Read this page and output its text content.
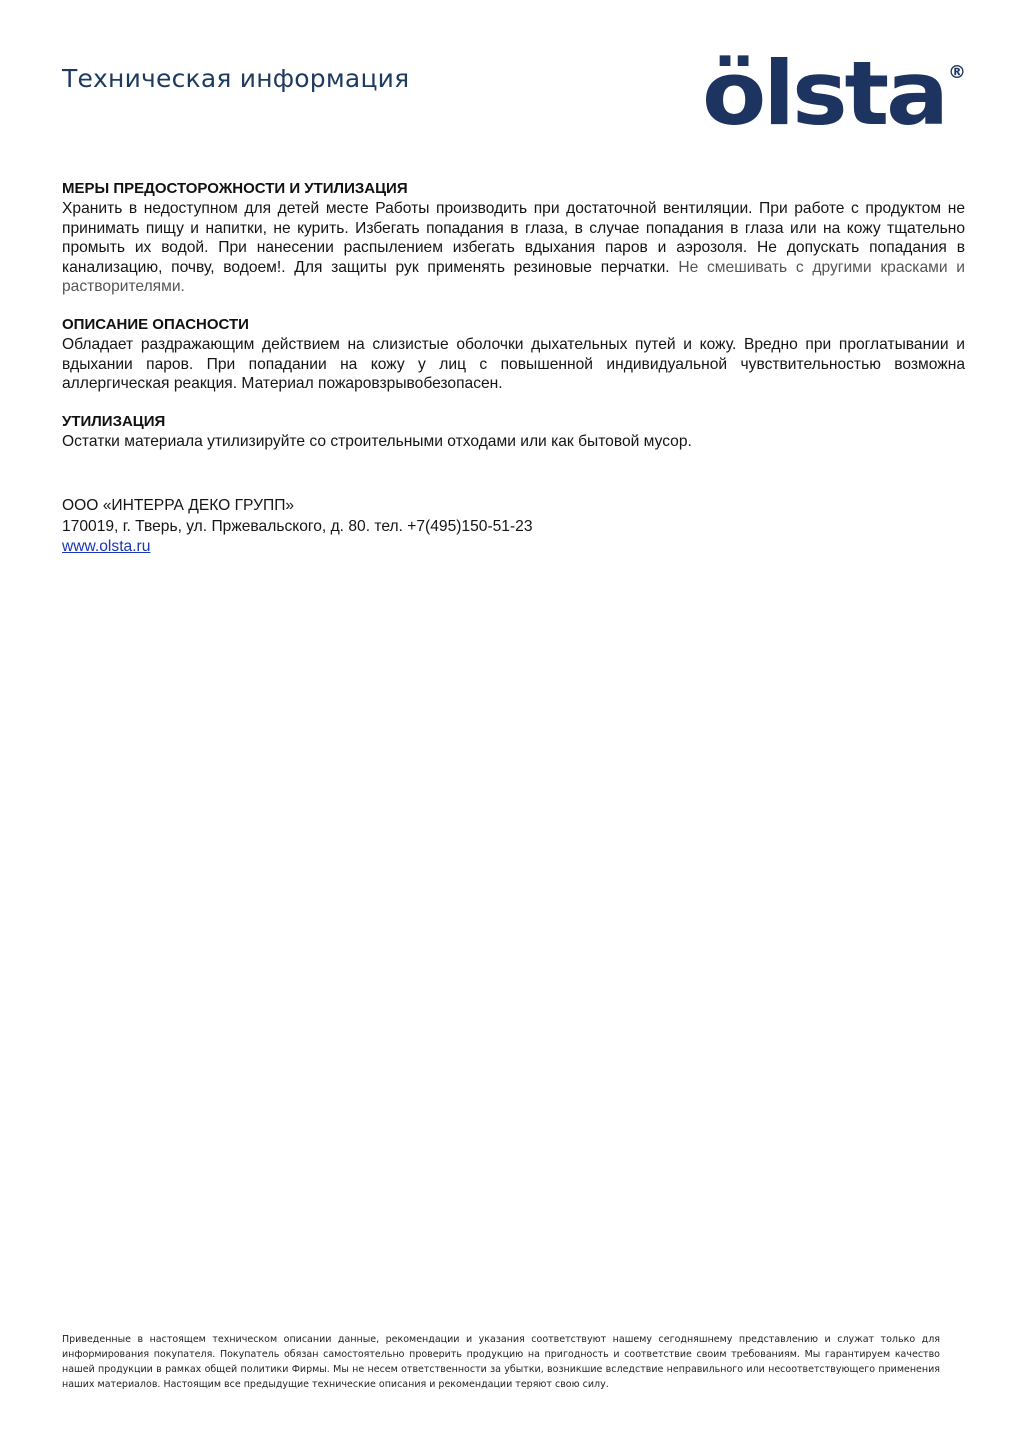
Техническая информация	ölsta ®
МЕРЫ ПРЕДОСТОРОЖНОСТИ И УТИЛИЗАЦИЯ
Хранить в недоступном для детей месте Работы производить при достаточной вентиляции. При работе с продуктом не принимать пищу и напитки, не курить. Избегать попадания в глаза, в случае попадания в глаза или на кожу тщательно промыть их водой. При нанесении распылением избегать вдыхания паров и аэрозоля. Не допускать попадания в канализацию, почву, водоем!. Для защиты рук применять резиновые перчатки. Не смешивать с другими красками и растворителями.
ОПИСАНИЕ ОПАСНОСТИ
Обладает раздражающим действием на слизистые оболочки дыхательных путей и кожу. Вредно при проглатывании и вдыхании паров. При попадании на кожу у лиц с повышенной индивидуальной чувствительностью возможна аллергическая реакция. Материал пожаровзрывобезопасен.
УТИЛИЗАЦИЯ
Остатки материала утилизируйте со строительными отходами или как бытовой мусор.
ООО «ИНТЕРРА ДЕКО ГРУПП»
170019, г. Тверь, ул. Пржевальского, д. 80. тел. +7(495)150-51-23
www.olsta.ru
Приведенные в настоящем техническом описании данные, рекомендации и указания соответствуют нашему сегодняшнему представлению и служат только для информирования покупателя. Покупатель обязан самостоятельно проверить продукцию на пригодность и соответствие своим требованиям. Мы гарантируем качество нашей продукции в рамках общей политики Фирмы. Мы не несем ответственности за убытки, возникшие вследствие неправильного или несоответствующего применения наших материалов. Настоящим все предыдущие технические описания и рекомендации теряют свою силу.
